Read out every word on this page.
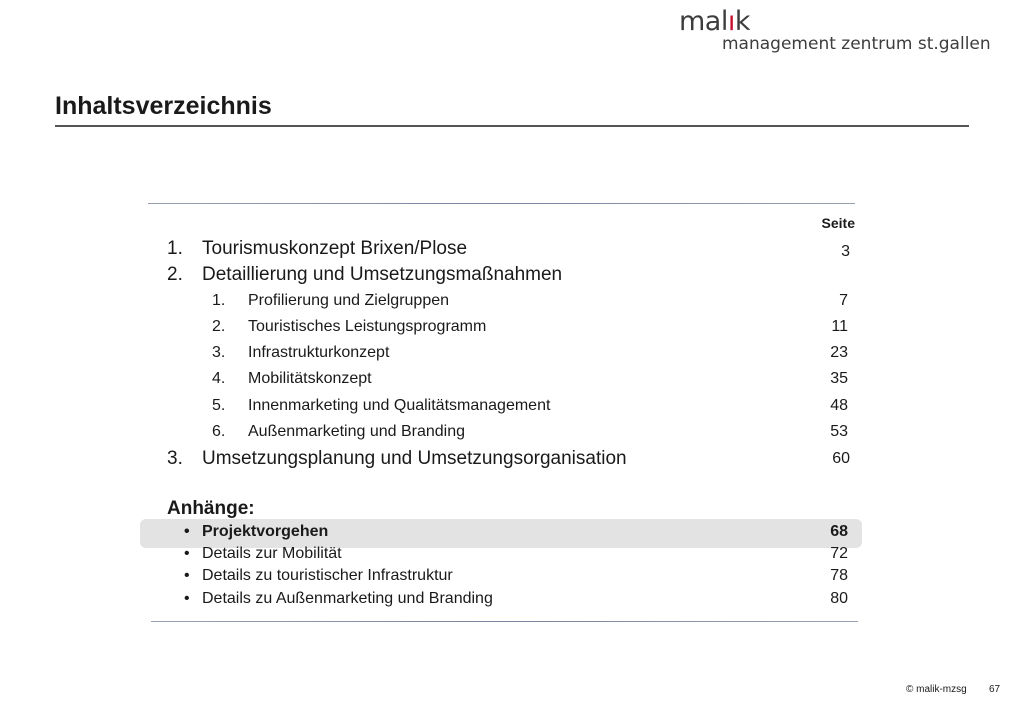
malık
management zentrum st.gallen
Inhaltsverzeichnis
Seite
1. Tourismuskonzept Brixen/Plose	3
2. Detaillierung und Umsetzungsmaßnahmen
1. Profilierung und Zielgruppen	7
2. Touristisches Leistungsprogramm	11
3. Infrastrukturkonzept	23
4. Mobilitätskonzept	35
5. Innenmarketing und Qualitätsmanagement	48
6. Außenmarketing und Branding	53
3. Umsetzungsplanung und Umsetzungsorganisation	60
Anhänge:
• Projektvorgehen	68
• Details zur Mobilität	72
• Details zu touristischer Infrastruktur	78
• Details zu Außenmarketing und Branding	80
© malik-mzsg 67
